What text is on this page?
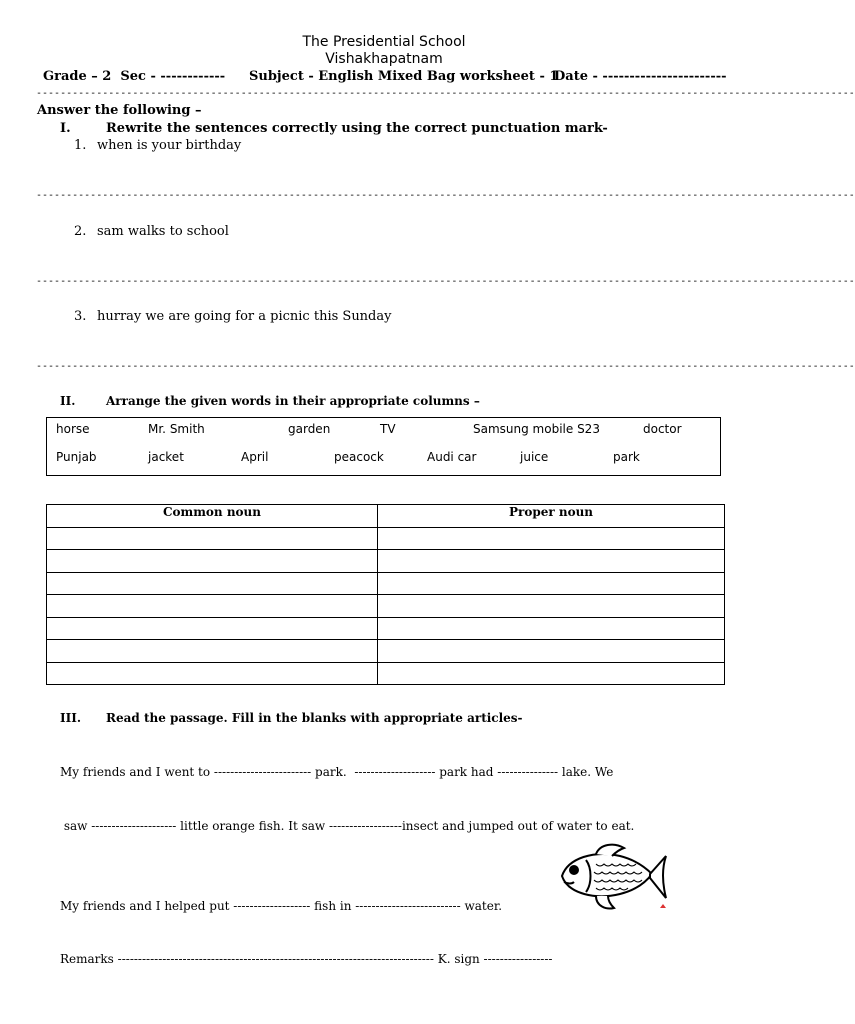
The Presidential School
Vishakhapatnam
Grade – 2  Sec - ------------ Subject - English Mixed Bag worksheet - 1
Date - -----------------------
----------------------------------------------------------------------------------------------------------------------------------------
Answer the following –
I.	Rewrite the sentences correctly using the correct punctuation mark-
1. when is your birthday
----------------------------------------------------------------------------------------------------------------------------------------
2. sam walks to school
----------------------------------------------------------------------------------------------------------------------------------------
3. hurray we are going for a picnic this Sunday
----------------------------------------------------------------------------------------------------------------------------------------
II.	Arrange the given words in their appropriate columns –
horse	Mr. Smith	garden	TV	Samsung mobile S23	doctor
Punjab	jacket	April	peacock	Audi car	juice	park
Common noun	Proper noun

III. Read the passage. Fill in the blanks with appropriate articles-
My friends and I went to ------------------------ park.  -------------------- park had --------------- lake. We
saw --------------------- little orange fish. It saw ------------------insect and jumped out of water to eat.
My friends and I helped put ------------------- fish in -------------------------- water.
Remarks ------------------------------------------------------------------------------ K. sign -----------------
